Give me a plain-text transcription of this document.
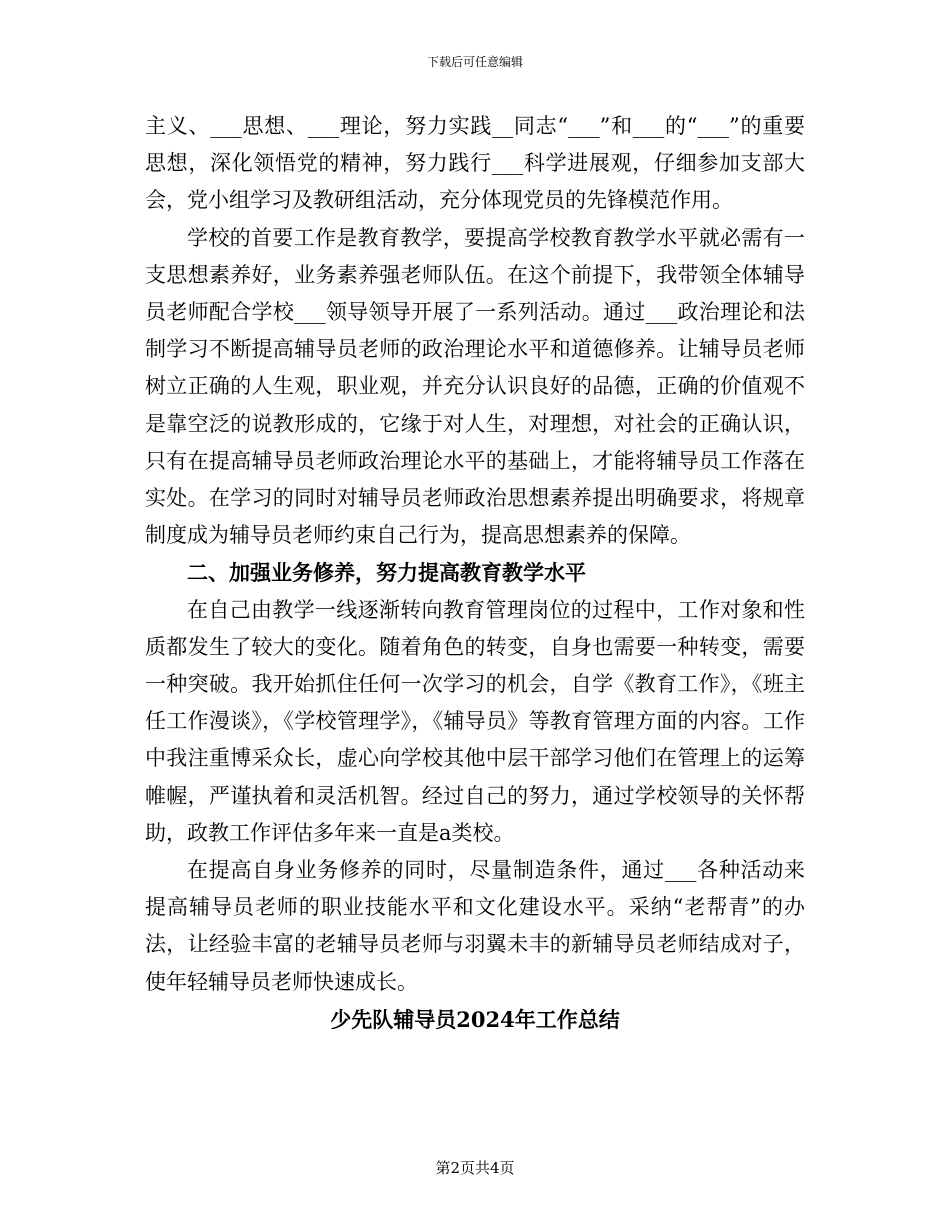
下载后可任意编辑

主义、___思想、___理论，努力实践__同志“___”和___的“___”的重要思想，深化领悟党的精神，努力践行___科学进展观，仔细参加支部大会，党小组学习及教研组活动，充分体现党员的先锋模范作用。

学校的首要工作是教育教学，要提高学校教育教学水平就必需有一支思想素养好，业务素养强老师队伍。在这个前提下，我带领全体辅导员老师配合学校___领导领导开展了一系列活动。通过___政治理论和法制学习不断提高辅导员老师的政治理论水平和道德修养。让辅导员老师树立正确的人生观，职业观，并充分认识良好的品德，正确的价值观不是靠空泛的说教形成的，它缘于对人生，对理想，对社会的正确认识，只有在提高辅导员老师政治理论水平的基础上，才能将辅导员工作落在实处。在学习的同时对辅导员老师政治思想素养提出明确要求，将规章制度成为辅导员老师约束自己行为，提高思想素养的保障。

二、加强业务修养，努力提高教育教学水平

在自己由教学一线逐渐转向教育管理岗位的过程中，工作对象和性质都发生了较大的变化。随着角色的转变，自身也需要一种转变，需要一种突破。我开始抓住任何一次学习的机会，自学《教育工作》，《班主任工作漫谈》，《学校管理学》，《辅导员》等教育管理方面的内容。工作中我注重博采众长，虚心向学校其他中层干部学习他们在管理上的运筹帷幄，严谨执着和灵活机智。经过自己的努力，通过学校领导的关怀帮助，政教工作评估多年来一直是a类校。

在提高自身业务修养的同时，尽量制造条件，通过___各种活动来提高辅导员老师的职业技能水平和文化建设水平。采纳“老帮青”的办法，让经验丰富的老辅导员老师与羽翼未丰的新辅导员老师结成对子，使年轻辅导员老师快速成长。

少先队辅导员2024年工作总结

第2页共4页
